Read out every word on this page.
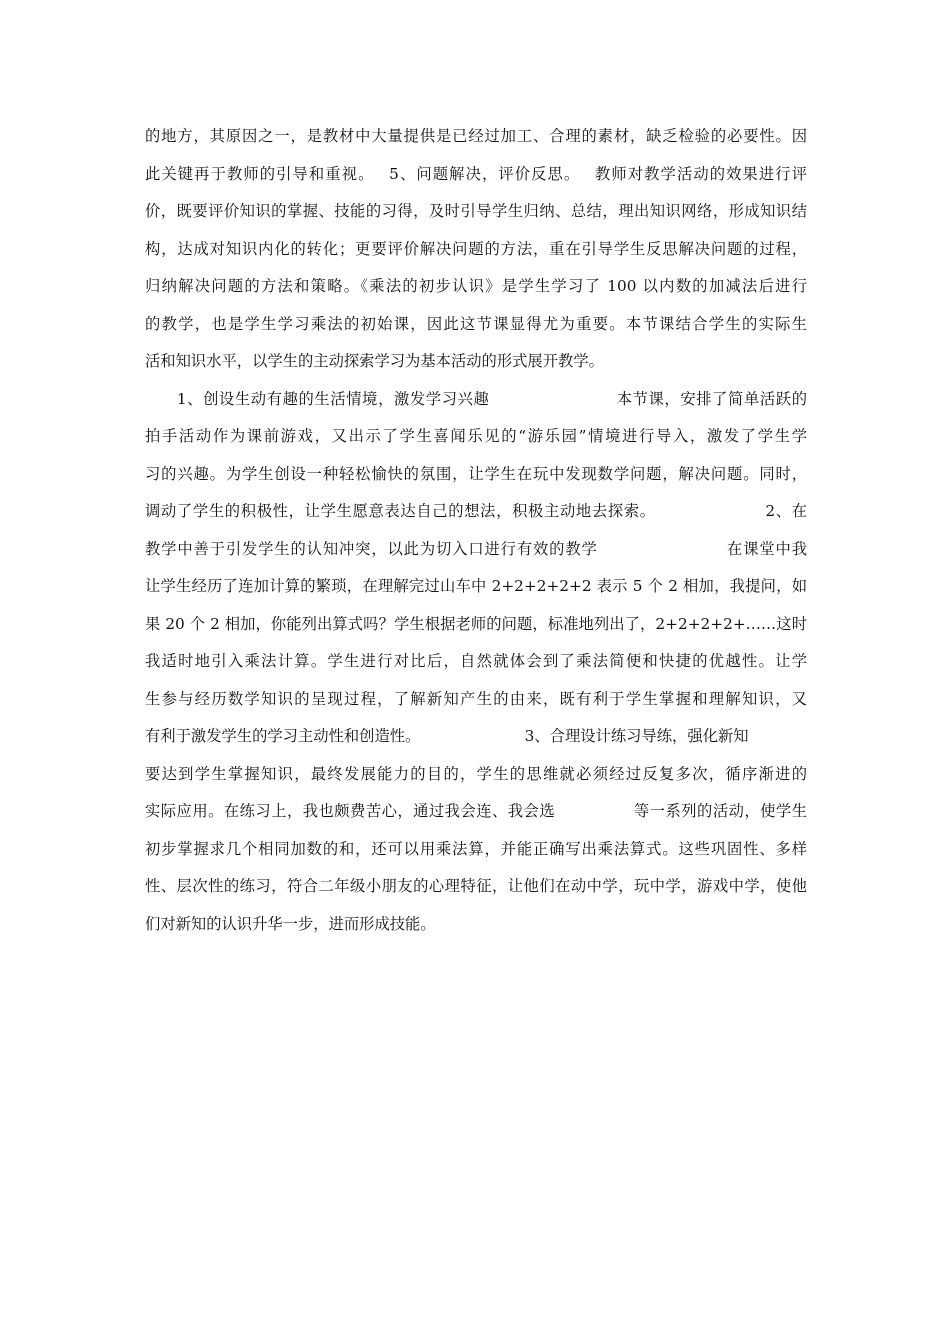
的地方，其原因之一，是教材中大量提供是已经过加工、合理的素材，缺乏检验的必要性。因
此关键再于教师的引导和重视。　 5、问题解决，评价反思。　 教师对教学活动的效果进行评
价，既要评价知识的掌握、技能的习得，及时引导学生归纳、总结，理出知识网络，形成知识结
构，达成对知识内化的转化；更要评价解决问题的方法，重在引导学生反思解决问题的过程，
归纳解决问题的方法和策略。《乘法的初步认识》是学生学习了 100 以内数的加减法后进行
的教学，也是学生学习乘法的初始课，因此这节课显得尤为重要。本节课结合学生的实际生
活和知识水平，以学生的主动探索学习为基本活动的形式展开教学。
　　1、创设生动有趣的生活情境，激发学习兴趣　　　　　　　　本节课，安排了简单活跃的
拍手活动作为课前游戏，又出示了学生喜闻乐见的“游乐园”情境进行导入，激发了学生学
习的兴趣。为学生创设一种轻松愉快的氛围，让学生在玩中发现数学问题，解决问题。同时，
调动了学生的积极性，让学生愿意表达自己的想法，积极主动地去探索。　　　　　　　 2、在
教学中善于引发学生的认知冲突，以此为切入口进行有效的教学　　　　　　　　在课堂中我
让学生经历了连加计算的繁琐，在理解完过山车中 2+2+2+2+2 表示 5 个 2 相加，我提问，如
果 20 个 2 相加，你能列出算式吗？学生根据老师的问题，标准地列出了，2+2+2+2+……这时
我适时地引入乘法计算。学生进行对比后，自然就体会到了乘法简便和快捷的优越性。让学
生参与经历数学知识的呈现过程，了解新知产生的由来，既有利于学生掌握和理解知识，又
有利于激发学生的学习主动性和创造性。　　　　　　　 3、合理设计练习导练，强化新知
要达到学生掌握知识，最终发展能力的目的，学生的思维就必须经过反复多次，循序渐进的
实际应用。在练习上，我也颇费苦心，通过我会连、我会选　　　　　等一系列的活动，使学生
初步掌握求几个相同加数的和，还可以用乘法算，并能正确写出乘法算式。这些巩固性、多样
性、层次性的练习，符合二年级小朋友的心理特征，让他们在动中学，玩中学，游戏中学，使他
们对新知的认识升华一步，进而形成技能。
